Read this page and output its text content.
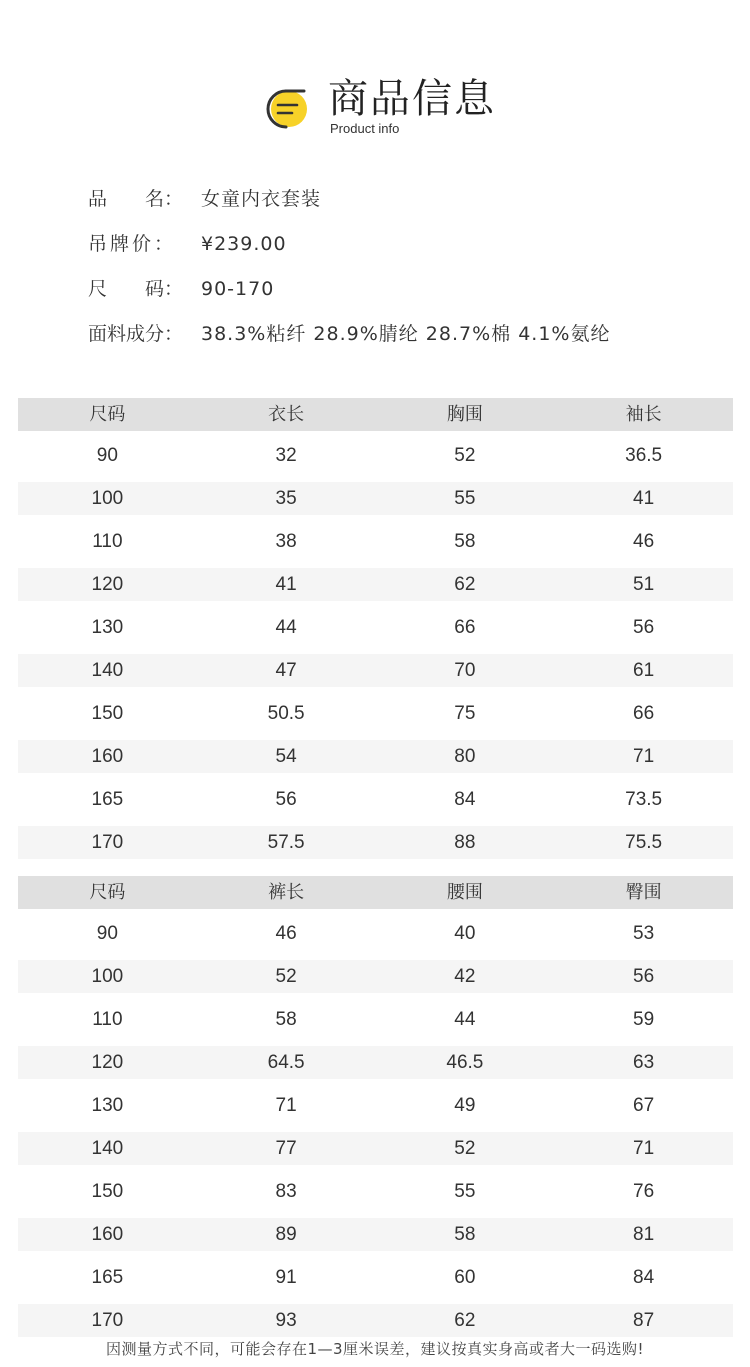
商品信息
Product info
品　　名： 女童内衣套装
吊牌价： ¥239.00
尺　　码： 90-170
面料成分： 38.3%粘纤 28.9%腈纶 28.7%棉 4.1%氨纶
尺码	衣长	胸围	袖长
90	32	52	36.5
100	35	55	41
110	38	58	46
120	41	62	51
130	44	66	56
140	47	70	61
150	50.5	75	66
160	54	80	71
165	56	84	73.5
170	57.5	88	75.5
尺码	裤长	腰围	臀围
90	46	40	53
100	52	42	56
110	58	44	59
120	64.5	46.5	63
130	71	49	67
140	77	52	71
150	83	55	76
160	89	58	81
165	91	60	84
170	93	62	87
因测量方式不同，可能会存在1—3厘米误差，建议按真实身高或者大一码选购!
